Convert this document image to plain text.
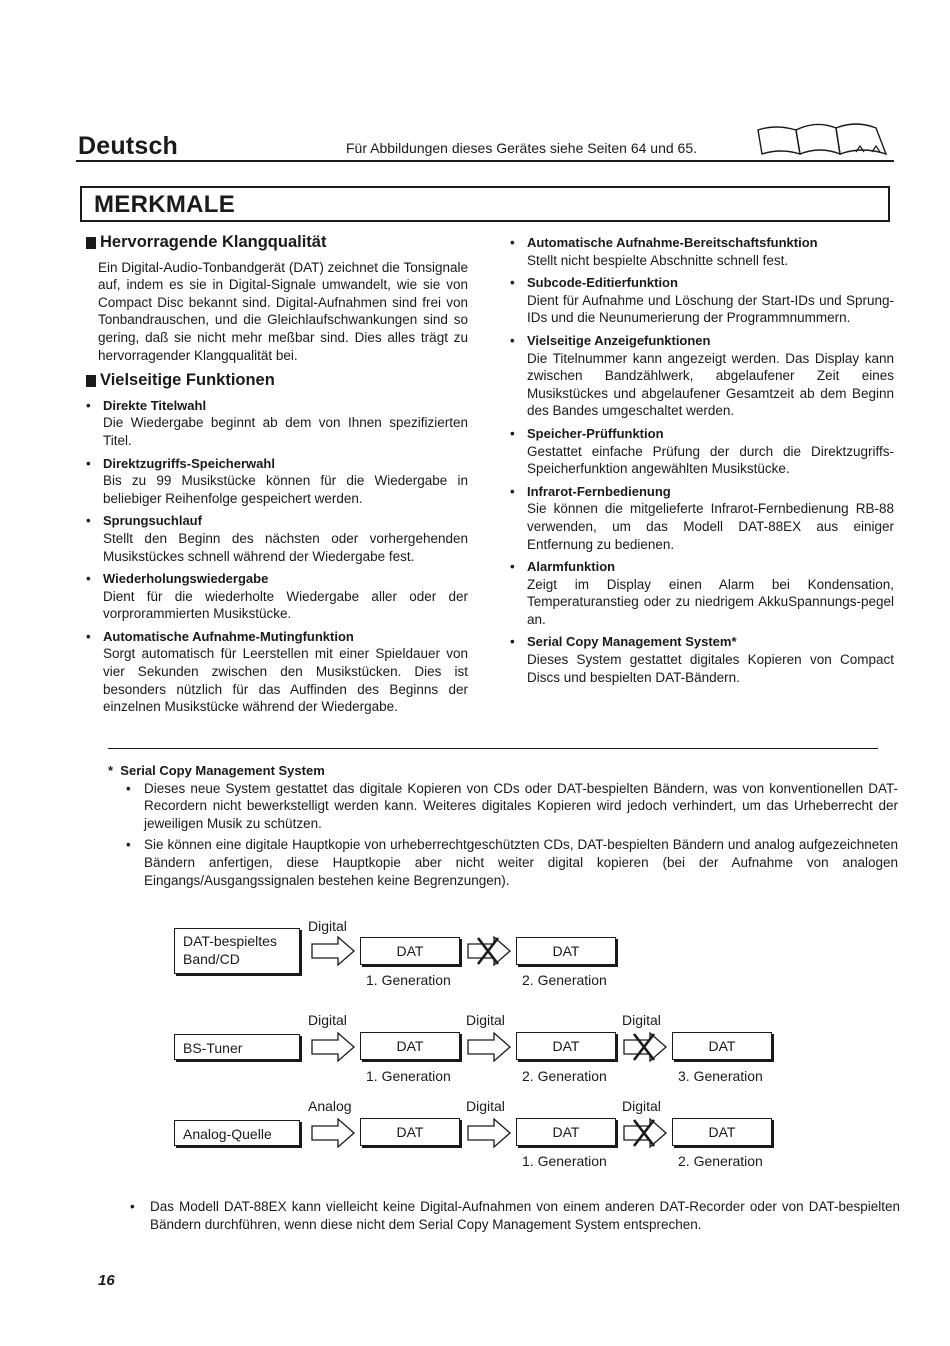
Deutsch	Für Abbildungen dieses Gerätes siehe Seiten 64 und 65.
MERKMALE
Hervorragende Klangqualität
Ein Digital-Audio-Tonbandgerät (DAT) zeichnet die Tonsignale auf, indem es sie in Digital-Signale umwandelt, wie sie von Compact Disc bekannt sind. Digital-Aufnahmen sind frei von Tonbandrauschen, und die Gleichlaufschwankungen sind so gering, daß sie nicht mehr meßbar sind. Dies alles trägt zu hervorragender Klangqualität bei.
Vielseitige Funktionen
• Direkte Titelwahl
Die Wiedergabe beginnt ab dem von Ihnen spezifizierten Titel.
• Direktzugriffs-Speicherwahl
Bis zu 99 Musikstücke können für die Wiedergabe in beliebiger Reihenfolge gespeichert werden.
• Sprungsuchlauf
Stellt den Beginn des nächsten oder vorhergehenden Musikstückes schnell während der Wiedergabe fest.
• Wiederholungswiedergabe
Dient für die wiederholte Wiedergabe aller oder der vorprorammierten Musikstücke.
• Automatische Aufnahme-Mutingfunktion
Sorgt automatisch für Leerstellen mit einer Spieldauer von vier Sekunden zwischen den Musikstücken. Dies ist besonders nützlich für das Auffinden des Beginns der einzelnen Musikstücke während der Wiedergabe.
• Automatische Aufnahme-Bereitschaftsfunktion
Stellt nicht bespielte Abschnitte schnell fest.
• Subcode-Editierfunktion
Dient für Aufnahme und Löschung der Start-IDs und Sprung-IDs und die Neunumerierung der Programmnummern.
• Vielseitige Anzeigefunktionen
Die Titelnummer kann angezeigt werden. Das Display kann zwischen Bandzählwerk, abgelaufener Zeit eines Musikstückes und abgelaufener Gesamtzeit ab dem Beginn des Bandes umgeschaltet werden.
• Speicher-Prüffunktion
Gestattet einfache Prüfung der durch die Direktzugriffs-Speicherfunktion angewählten Musikstücke.
• Infrarot-Fernbedienung
Sie können die mitgelieferte Infrarot-Fernbedienung RB-88 verwenden, um das Modell DAT-88EX aus einiger Entfernung zu bedienen.
• Alarmfunktion
Zeigt im Display einen Alarm bei Kondensation, Temperaturanstieg oder zu niedrigem AkkuSpannungs-pegel an.
• Serial Copy Management System*
Dieses System gestattet digitales Kopieren von Compact Discs und bespielten DAT-Bändern.
* Serial Copy Management System
• Dieses neue System gestattet das digitale Kopieren von CDs oder DAT-bespielten Bändern, was von konventionellen DAT-Recordern nicht bewerkstelligt werden kann. Weiteres digitales Kopieren wird jedoch verhindert, um das Urheberrecht der jeweiligen Musik zu schützen.
• Sie können eine digitale Hauptkopie von urheberrechtgeschützten CDs, DAT-bespielten Bändern und analog aufgezeichneten Bändern anfertigen, diese Hauptkopie aber nicht weiter digital kopieren (bei der Aufnahme von analogen Eingangs/Ausgangssignalen bestehen keine Begrenzungen).
DAT-bespieltes Band/CD
Digital
DAT	DAT
1. Generation	2. Generation
BS-Tuner
Digital
DAT
Digital
DAT
Digital
DAT
1. Generation	2. Generation	3. Generation
Analog-Quelle
Analog
DAT
Digital
DAT
Digital
DAT
1. Generation	2. Generation
•	Das Modell DAT-88EX kann vielleicht keine Digital-Aufnahmen von einem anderen DAT-Recorder oder von DAT-bespielten Bändern durchführen, wenn diese nicht dem Serial Copy Management System entsprechen.
16
